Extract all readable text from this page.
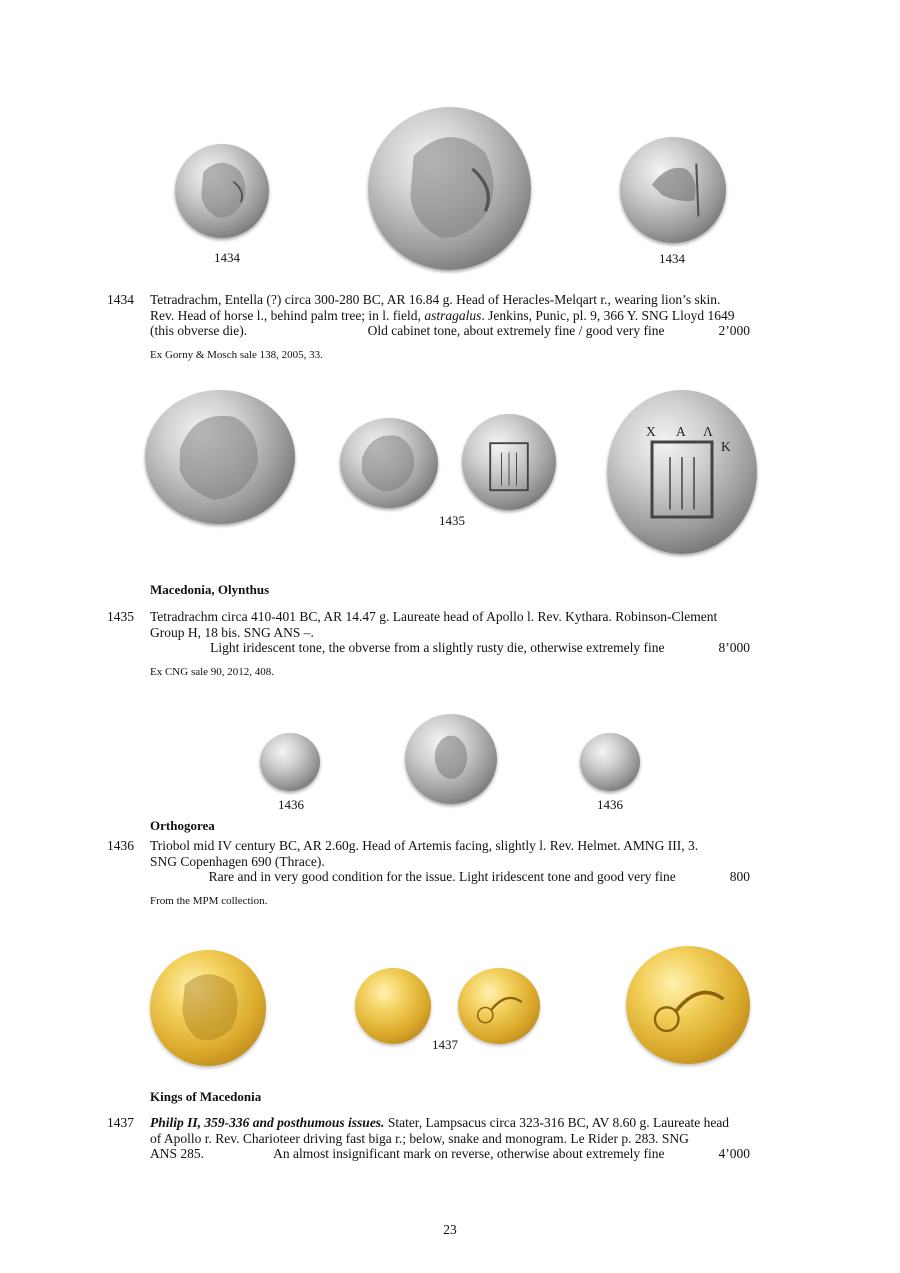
1434	1434
1434 Tetradrachm, Entella (?) circa 300-280 BC, AR 16.84 g. Head of Heracles-Melqart r., wearing lion’s skin.
Rev. Head of horse l., behind palm tree; in l. field, astragalus. Jenkins, Punic, pl. 9, 366 Y. SNG Lloyd 1649
(this obverse die).	Old cabinet tone, about extremely fine / good very fine	2’000
Ex Gorny & Mosch sale 138, 2005, 33.
Χ Α Λ
Κ
1435
Macedonia, Olynthus
1435 Tetradrachm circa 410-401 BC, AR 14.47 g. Laureate head of Apollo l. Rev. Kythara. Robinson-Clement
Group H, 18 bis. SNG ANS –.
Light iridescent tone, the obverse from a slightly rusty die, otherwise extremely fine	8’000
Ex CNG sale 90, 2012, 408.
1436	1436
Orthogorea
1436 Triobol mid IV century BC, AR 2.60g. Head of Artemis facing, slightly l. Rev. Helmet. AMNG III, 3.
SNG Copenhagen 690 (Thrace).
Rare and in very good condition for the issue. Light iridescent tone and good very fine	800
From the MPM collection.
1437
Kings of Macedonia
1437 Philip II, 359-336 and posthumous issues. Stater, Lampsacus circa 323-316 BC, AV 8.60 g. Laureate head
of Apollo r. Rev. Charioteer driving fast biga r.; below, snake and monogram. Le Rider p. 283. SNG
ANS 285.	An almost insignificant mark on reverse, otherwise about extremely fine	4’000
23
